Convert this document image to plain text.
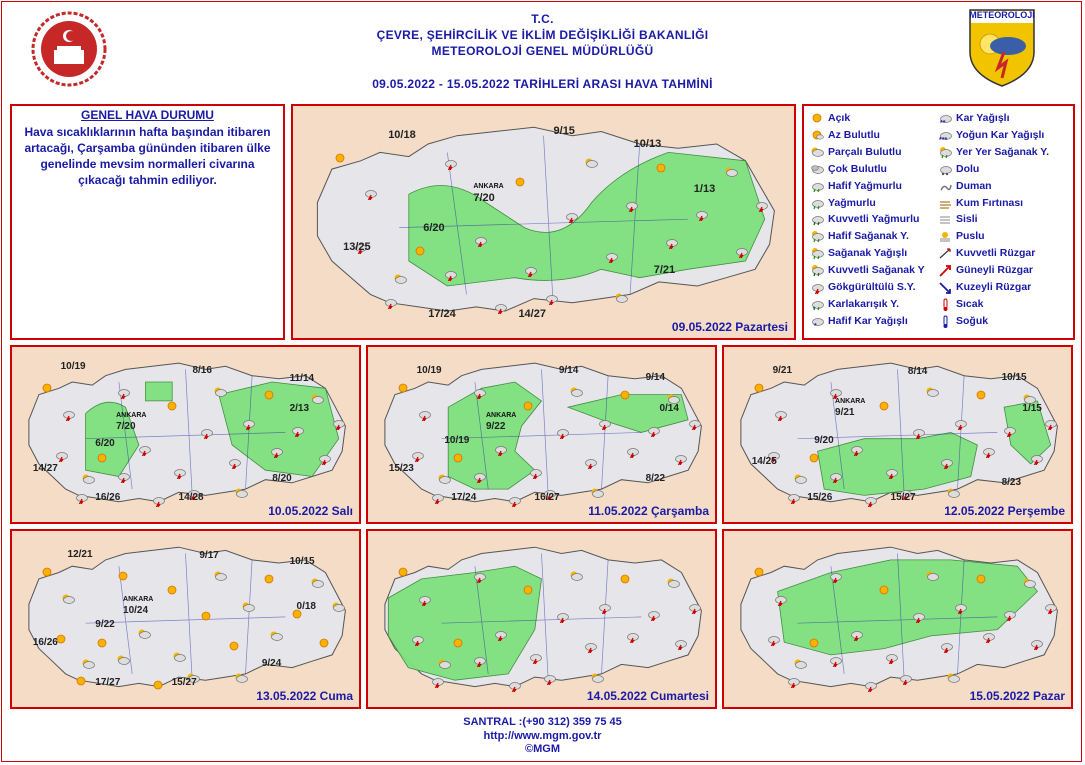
METEOROLOJİ
T.C.
ÇEVRE, ŞEHİRCİLİK VE İKLİM DEĞİŞİKLİĞİ BAKANLIĞI
METEOROLOJİ GENEL MÜDÜRLÜĞÜ
09.05.2022 - 15.05.2022 TARİHLERİ ARASI HAVA TAHMİNİ
GENEL HAVA DURUMU
Hava sıcaklıklarının hafta başından itibaren artacağı, Çarşamba gününden itibaren ülke genelinde mevsim normalleri civarına çıkacağı tahmin ediliyor.
Açık
Az Bulutlu
Parçalı Bulutlu
Çok Bulutlu
Hafif Yağmurlu
Yağmurlu
Kuvvetli Yağmurlu
Hafif Sağanak Y.
Sağanak Yağışlı
Kuvvetli Sağanak Y
Gökgürültülü S.Y.
Karlakarışık Y.
* Hafif Kar Yağışlı
** Kar Yağışlı
*** Yoğun Kar Yağışlı
Yer Yer Sağanak Y.
Dolu
Duman
Kum Fırtınası
Sisli
Puslu
Kuvvetli Rüzgar
Güneyli Rüzgar
Kuzeyli Rüzgar
Sıcak
Soğuk
10/18	9/15
10/13
1/13
7/20
6/20
13/25
7/21
17/24	14/27
ANKARA
09.05.2022 Pazartesi
10/19	8/16
11/14
2/13
7/20
6/20
14/27
8/20
16/26	14/28
ANKARA
10.05.2022 Salı
10/19	9/14
9/14
0/14
9/22
10/19
15/23
8/22
17/24	16/27
ANKARA
11.05.2022 Çarşamba
9/21	8/14	10/15
1/15
9/21
9/20
14/25
8/23
15/26	15/27
ANKARA
12.05.2022 Perşembe
12/21	9/17	10/15
0/18
10/24
9/22
16/26
9/24
17/27	15/27
ANKARA
13.05.2022 Cuma	14.05.2022 Cumartesi	15.05.2022 Pazar
SANTRAL :(+90 312) 359 75 45
http://www.mgm.gov.tr
©MGM
